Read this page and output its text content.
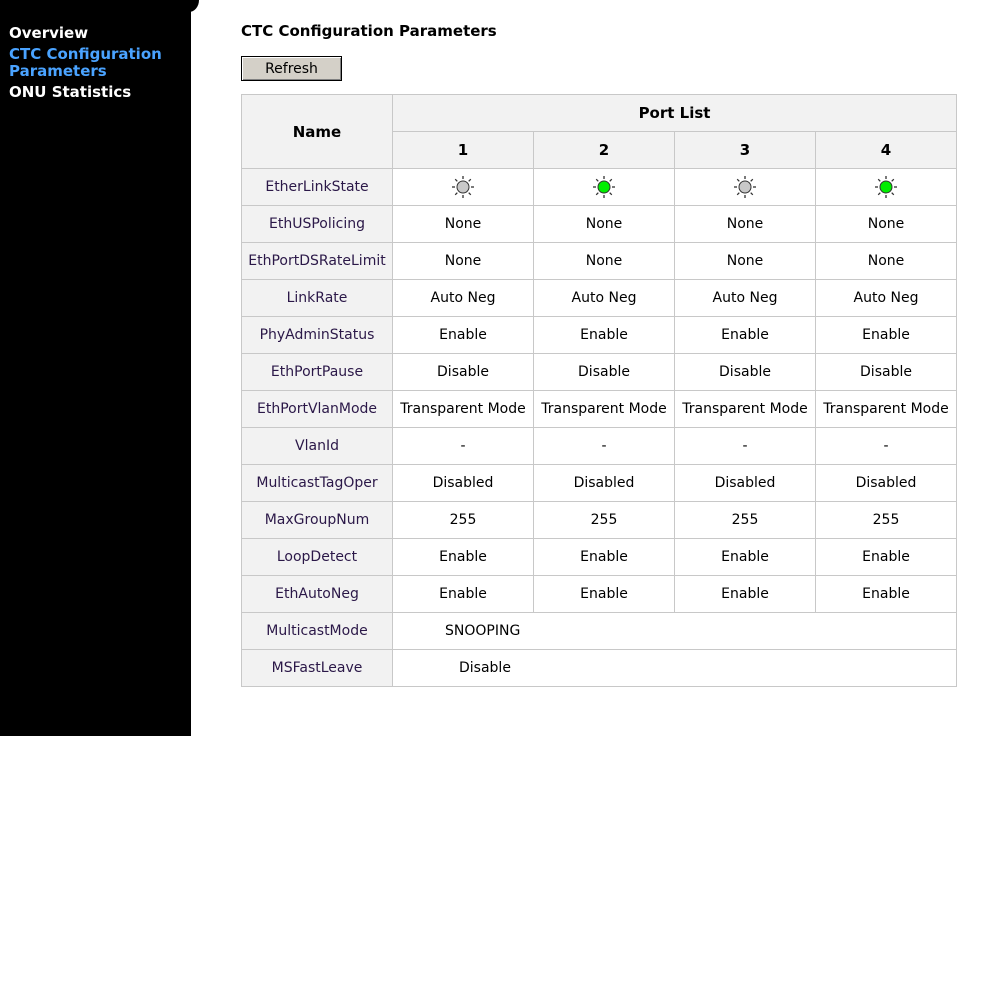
Overview
CTC Configuration Parameters
ONU Statistics
CTC Configuration Parameters
Refresh
Name	Port List			
	1	2	3	4
EtherLinkState				
EthUSPolicing	None	None	None	None
EthPortDSRateLimit	None	None	None	None
LinkRate	Auto Neg	Auto Neg	Auto Neg	Auto Neg
PhyAdminStatus	Enable	Enable	Enable	Enable
EthPortPause	Disable	Disable	Disable	Disable
EthPortVlanMode	Transparent Mode	Transparent Mode	Transparent Mode	Transparent Mode
VlanId	-	-	-	-
MulticastTagOper	Disabled	Disabled	Disabled	Disabled
MaxGroupNum	255	255	255	255
LoopDetect	Enable	Enable	Enable	Enable
EthAutoNeg	Enable	Enable	Enable	Enable
MulticastMode	SNOOPING			
MSFastLeave	Disable			
